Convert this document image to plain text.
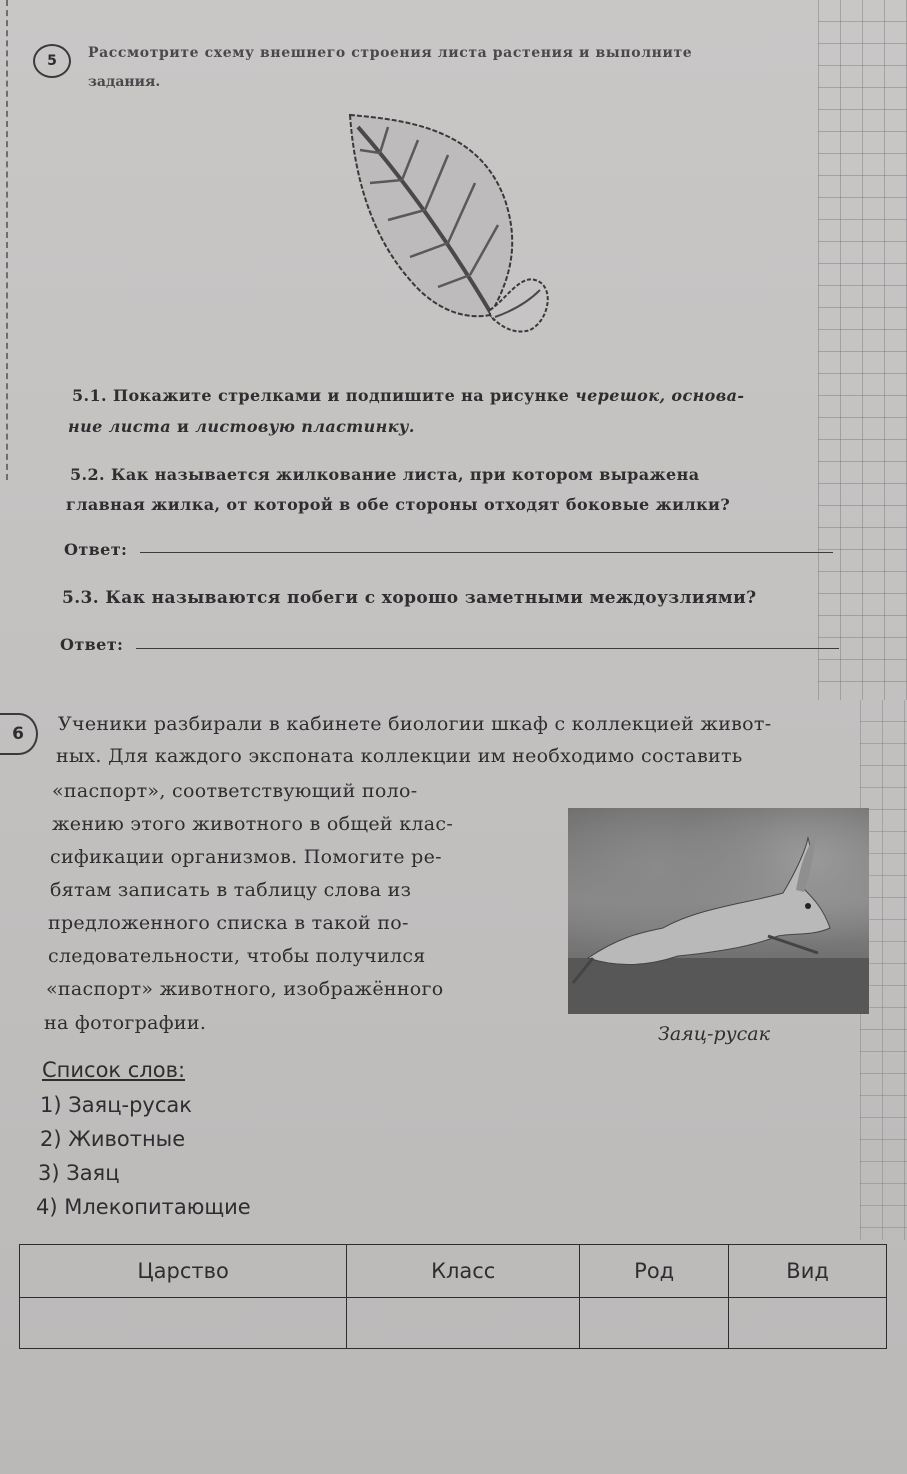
5	Рассмотрите схему внешнего строения листа растения и выполните
задания.
5.1. Покажите стрелками и подпишите на рисунке черешок, основа-
ние листа и листовую пластинку.
5.2. Как называется жилкование листа, при котором выражена
главная жилка, от которой в обе стороны отходят боковые жилки?
Ответ:
5.3. Как называются побеги с хорошо заметными междоузлиями?
Ответ:
6	Ученики разбирали в кабинете биологии шкаф с коллекцией живот-
ных. Для каждого экспоната коллекции им необходимо составить
«паспорт», соответствующий поло-
жению этого животного в общей клас-
сификации организмов. Помогите ре-
бятам записать в таблицу слова из
предложенного списка в такой по-
следовательности, чтобы получился
«паспорт» животного, изображённого
на фотографии.	Заяц-русак
Список слов:
1) Заяц-русак
2) Животные
3) Заяц
4) Млекопитающие
Царство	Класс	Род	Вид
